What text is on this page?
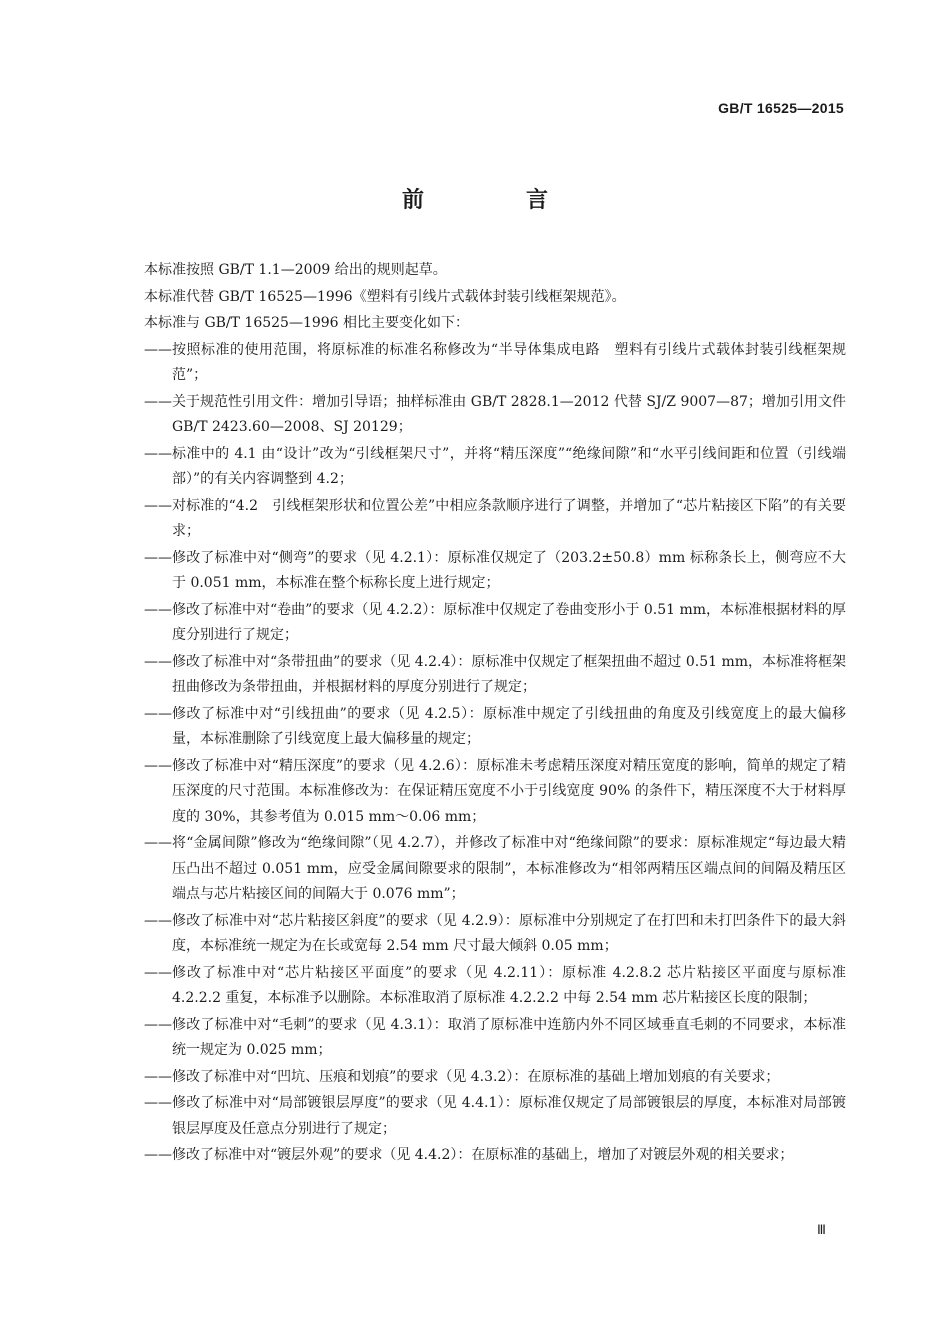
GB/T 16525—2015
前　言

本标准按照 GB/T 1.1—2009 给出的规则起草。

本标准代替 GB/T 16525—1996《塑料有引线片式载体封装引线框架规范》。

本标准与 GB/T 16525—1996 相比主要变化如下：

—— 按照标准的使用范围，将原标准的标准名称修改为“半导体集成电路　塑料有引线片式载体封装引线框架规范”；
—— 关于规范性引用文件：增加引导语；抽样标准由 GB/T 2828.1—2012 代替 SJ/Z 9007—87；增加引用文件 GB/T 2423.60—2008、SJ 20129；
—— 标准中的 4.1 由“设计”改为“引线框架尺寸”，并将“精压深度”“绝缘间隙”和“水平引线间距和位置（引线端部）”的有关内容调整到 4.2；
—— 对标准的“4.2　引线框架形状和位置公差”中相应条款顺序进行了调整，并增加了“芯片粘接区下陷”的有关要求；
—— 修改了标准中对“侧弯”的要求（见 4.2.1）：原标准仅规定了（203.2±50.8）mm 标称条长上，侧弯应不大于 0.051 mm，本标准在整个标称长度上进行规定；
—— 修改了标准中对“卷曲”的要求（见 4.2.2）：原标准中仅规定了卷曲变形小于 0.51 mm，本标准根据材料的厚度分别进行了规定；
—— 修改了标准中对“条带扭曲”的要求（见 4.2.4）：原标准中仅规定了框架扭曲不超过 0.51 mm，本标准将框架扭曲修改为条带扭曲，并根据材料的厚度分别进行了规定；
—— 修改了标准中对“引线扭曲”的要求（见 4.2.5）：原标准中规定了引线扭曲的角度及引线宽度上的最大偏移量，本标准删除了引线宽度上最大偏移量的规定；
—— 修改了标准中对“精压深度”的要求（见 4.2.6）：原标准未考虑精压深度对精压宽度的影响，简单的规定了精压深度的尺寸范围。本标准修改为：在保证精压宽度不小于引线宽度 90% 的条件下，精压深度不大于材料厚度的 30%，其参考值为 0.015 mm～0.06 mm；
—— 将“金属间隙”修改为“绝缘间隙”（见 4.2.7），并修改了标准中对“绝缘间隙”的要求：原标准规定“每边最大精压凸出不超过 0.051 mm，应受金属间隙要求的限制”，本标准修改为“相邻两精压区端点间的间隔及精压区端点与芯片粘接区间的间隔大于 0.076 mm”；
—— 修改了标准中对“芯片粘接区斜度”的要求（见 4.2.9）：原标准中分别规定了在打凹和未打凹条件下的最大斜度，本标准统一规定为在长或宽每 2.54 mm 尺寸最大倾斜 0.05 mm；
—— 修改了标准中对“芯片粘接区平面度”的要求（见 4.2.11）：原标准 4.2.8.2 芯片粘接区平面度与原标准 4.2.2.2 重复，本标准予以删除。本标准取消了原标准 4.2.2.2 中每 2.54 mm 芯片粘接区长度的限制；
—— 修改了标准中对“毛刺”的要求（见 4.3.1）：取消了原标准中连筋内外不同区域垂直毛刺的不同要求，本标准统一规定为 0.025 mm；
—— 修改了标准中对“凹坑、压痕和划痕”的要求（见 4.3.2）：在原标准的基础上增加划痕的有关要求；
—— 修改了标准中对“局部镀银层厚度”的要求（见 4.4.1）：原标准仅规定了局部镀银层的厚度，本标准对局部镀银层厚度及任意点分别进行了规定；
—— 修改了标准中对“镀层外观”的要求（见 4.4.2）：在原标准的基础上，增加了对镀层外观的相关要求；
Ⅲ
